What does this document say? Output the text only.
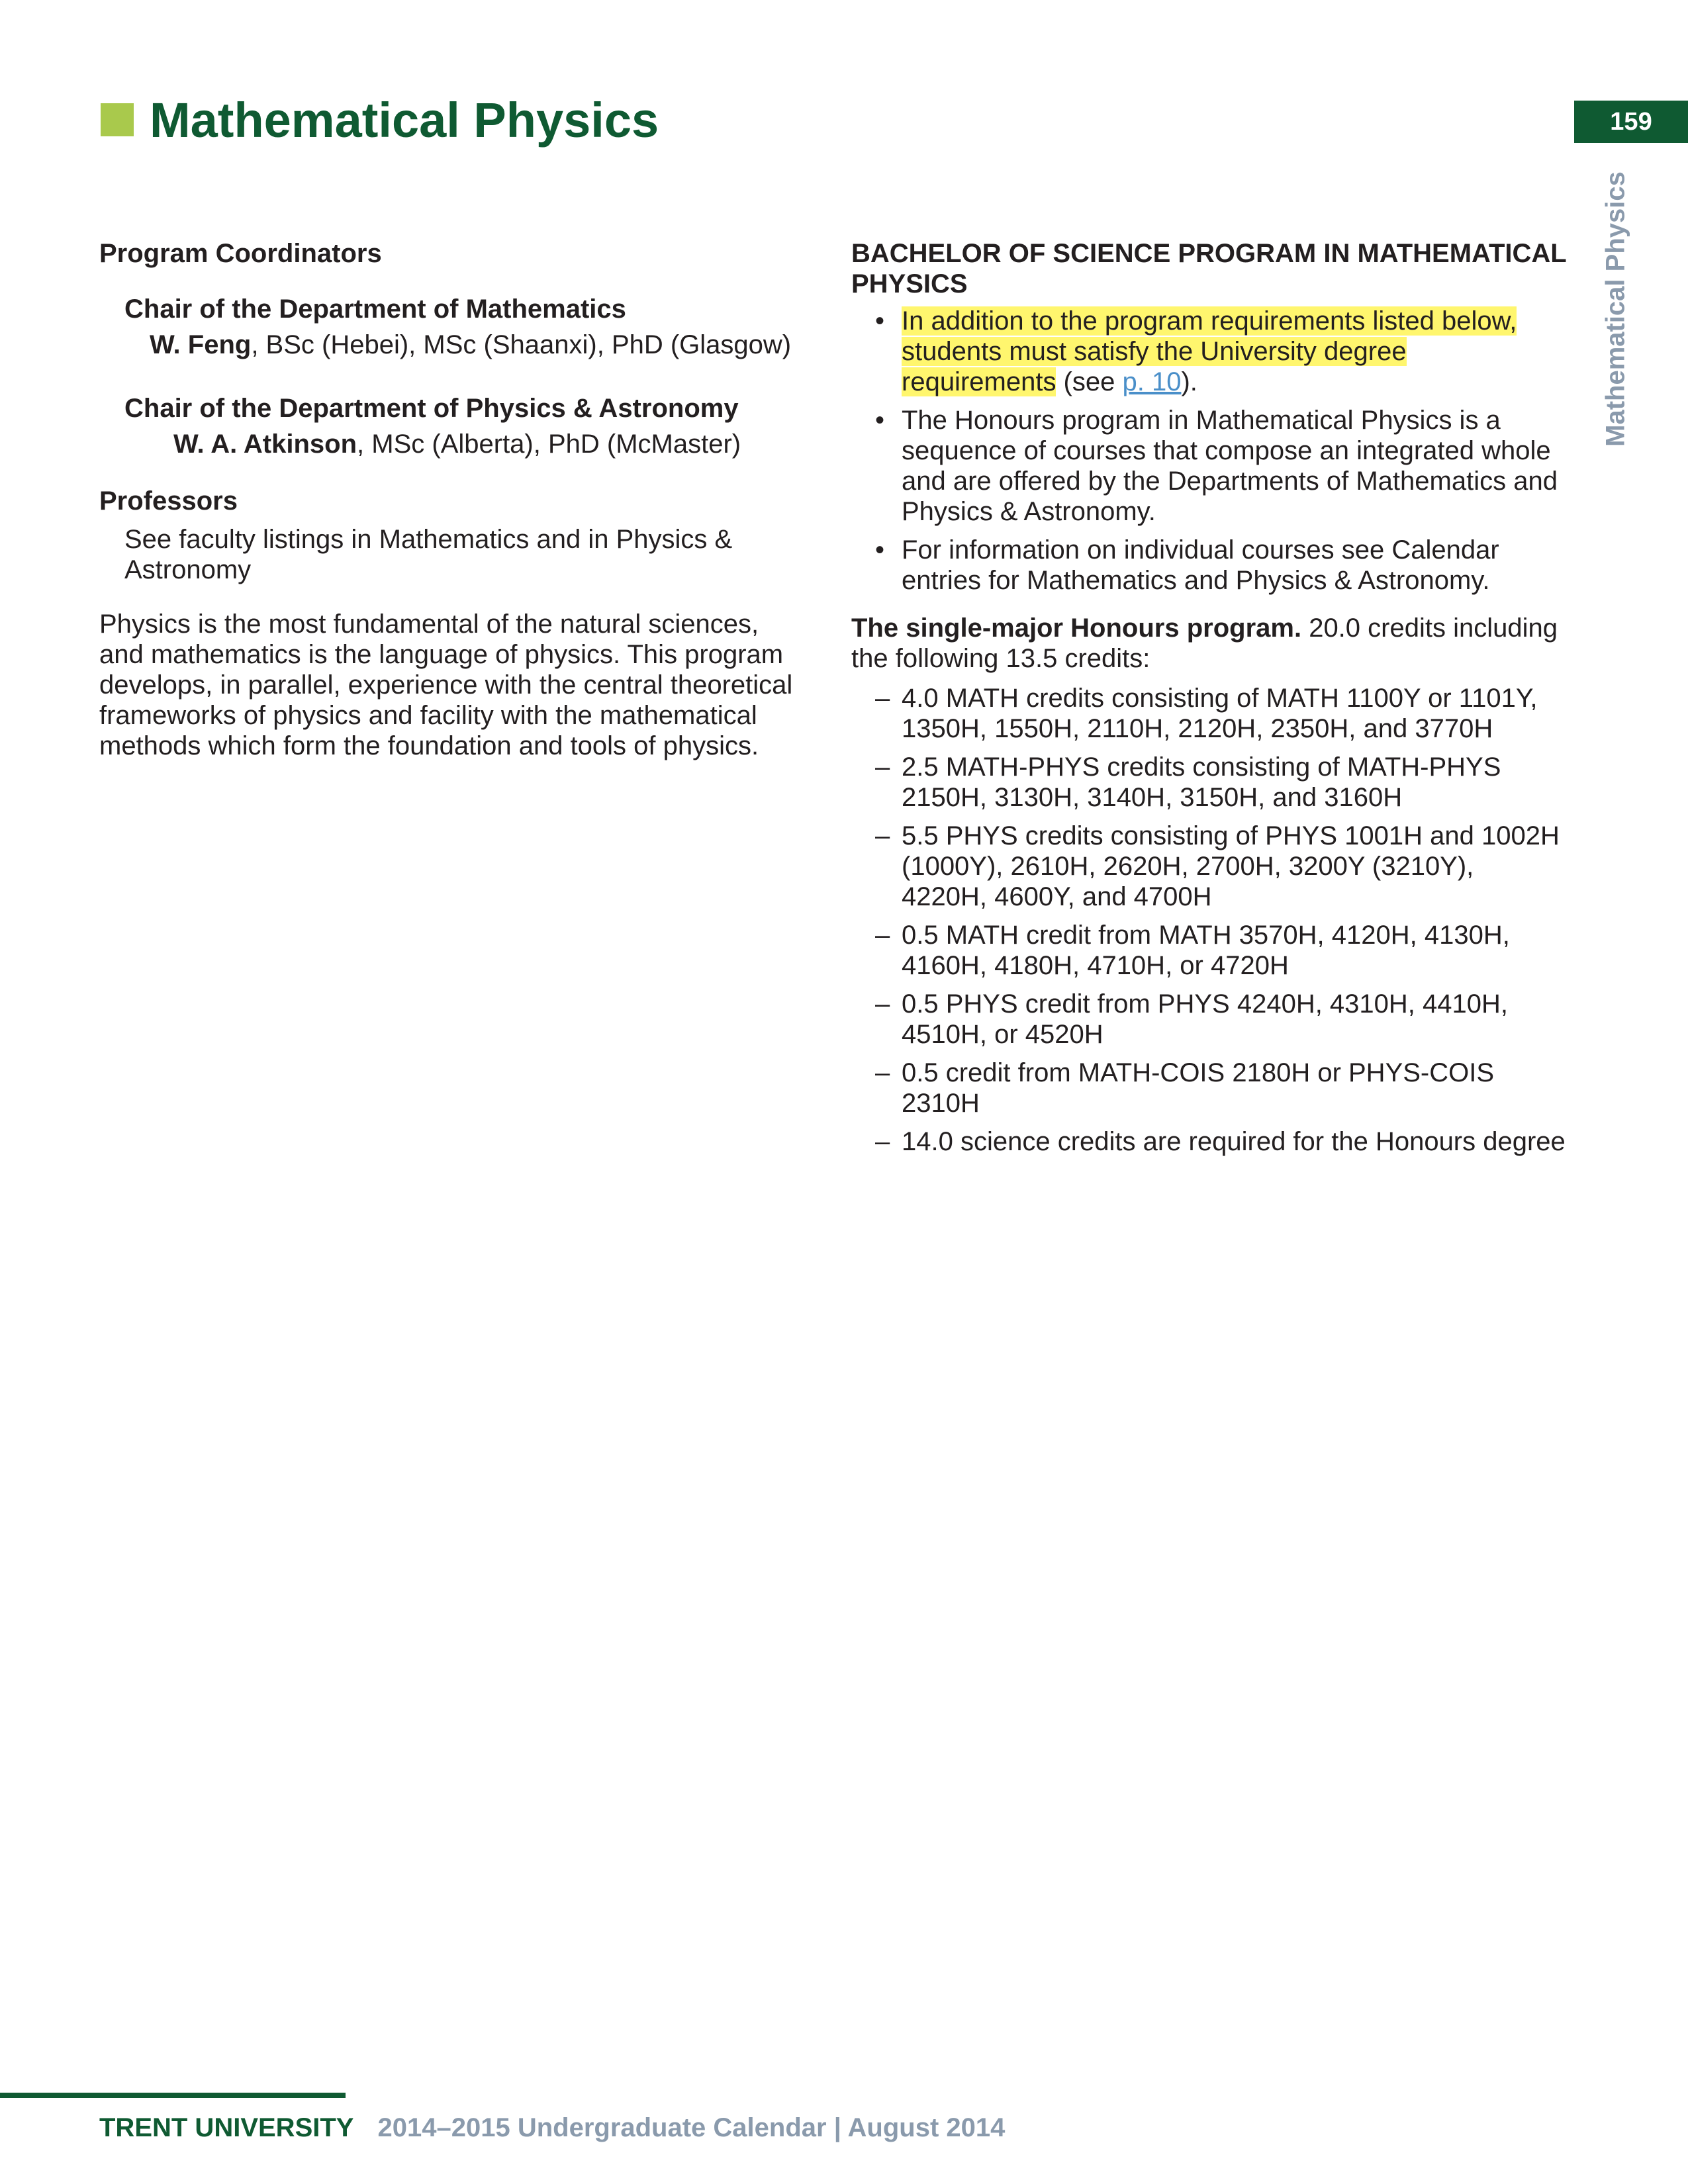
Mathematical Physics	159
Mathematical Physics

Program Coordinators

Chair of the Department of Mathematics

W. Feng, BSc (Hebei), MSc (Shaanxi), PhD (Glasgow)

Chair of the Department of Physics & Astronomy

W. A. Atkinson, MSc (Alberta), PhD (McMaster)

Professors

See faculty listings in Mathematics and in Physics & Astronomy

Physics is the most fundamental of the natural sciences, and mathematics is the language of physics. This program develops, in parallel, experience with the central theoretical frameworks of physics and facility with the mathematical methods which form the foundation and tools of physics.

BACHELOR OF SCIENCE PROGRAM IN MATHEMATICAL PHYSICS

• In addition to the program requirements listed below, students must satisfy the University degree requirements (see p. 10).
• The Honours program in Mathematical Physics is a sequence of courses that compose an integrated whole and are offered by the Departments of Mathematics and Physics & Astronomy.
• For information on individual courses see Calendar entries for Mathematics and Physics & Astronomy.

The single-major Honours program. 20.0 credits including the following 13.5 credits:

– 4.0 MATH credits consisting of MATH 1100Y or 1101Y, 1350H, 1550H, 2110H, 2120H, 2350H, and 3770H
– 2.5 MATH-PHYS credits consisting of MATH-PHYS 2150H, 3130H, 3140H, 3150H, and 3160H
– 5.5 PHYS credits consisting of PHYS 1001H and 1002H (1000Y), 2610H, 2620H, 2700H, 3200Y (3210Y), 4220H, 4600Y, and 4700H
– 0.5 MATH credit from MATH 3570H, 4120H, 4130H, 4160H, 4180H, 4710H, or 4720H
– 0.5 PHYS credit from PHYS 4240H, 4310H, 4410H, 4510H, or 4520H
– 0.5 credit from MATH-COIS 2180H or PHYS-COIS 2310H
– 14.0 science credits are required for the Honours degree
TRENT UNIVERSITY 2014–2015 Undergraduate Calendar | August 2014
